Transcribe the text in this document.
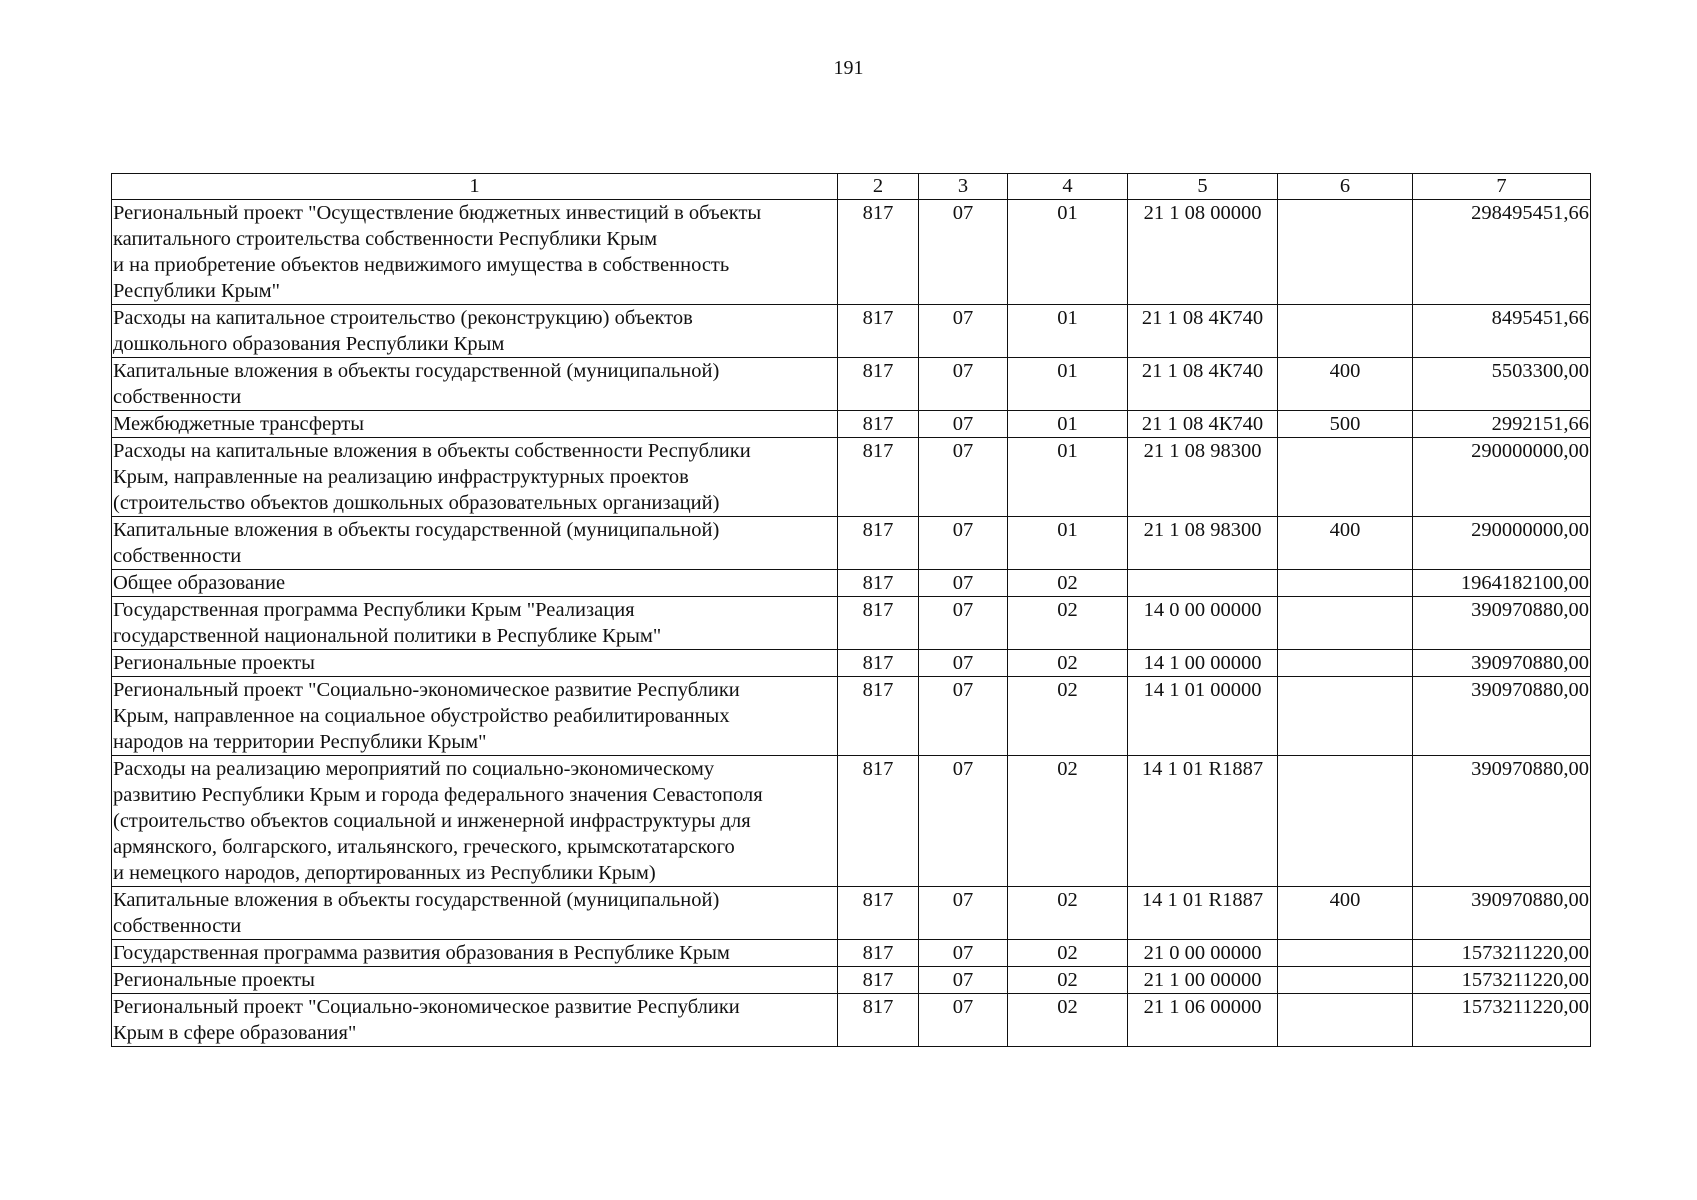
191
1	2	3	4	5	6	7
Региональный проект "Осуществление бюджетных инвестиций в объекты
капитального строительства собственности Республики Крым
и на приобретение объектов недвижимого имущества в собственность
Республики Крым"	817	07	01	21 1 08 00000		298495451,66
Расходы на капитальное строительство (реконструкцию) объектов
дошкольного образования Республики Крым	817	07	01	21 1 08 4К740		8495451,66
Капитальные вложения в объекты государственной (муниципальной)
собственности	817	07	01	21 1 08 4К740	400	5503300,00
Межбюджетные трансферты	817	07	01	21 1 08 4К740	500	2992151,66
Расходы на капитальные вложения в объекты собственности Республики
Крым, направленные на реализацию инфраструктурных проектов
(строительство объектов дошкольных образовательных организаций)	817	07	01	21 1 08 98300		290000000,00
Капитальные вложения в объекты государственной (муниципальной)
собственности	817	07	01	21 1 08 98300	400	290000000,00
Общее образование	817	07	02			1964182100,00
Государственная программа Республики Крым "Реализация
государственной национальной политики в Республике Крым"	817	07	02	14 0 00 00000		390970880,00
Региональные проекты	817	07	02	14 1 00 00000		390970880,00
Региональный проект "Социально-экономическое развитие Республики
Крым, направленное на социальное обустройство реабилитированных
народов на территории Республики Крым"	817	07	02	14 1 01 00000		390970880,00
Расходы на реализацию мероприятий по социально-экономическому
развитию Республики Крым и города федерального значения Севастополя
(строительство объектов социальной и инженерной инфраструктуры для
армянского, болгарского, итальянского, греческого, крымскотатарского
и немецкого народов, депортированных из Республики Крым)	817	07	02	14 1 01 R1887		390970880,00
Капитальные вложения в объекты государственной (муниципальной)
собственности	817	07	02	14 1 01 R1887	400	390970880,00
Государственная программа развития образования в Республике Крым	817	07	02	21 0 00 00000		1573211220,00
Региональные проекты	817	07	02	21 1 00 00000		1573211220,00
Региональный проект "Социально-экономическое развитие Республики
Крым в сфере образования"	817	07	02	21 1 06 00000		1573211220,00
